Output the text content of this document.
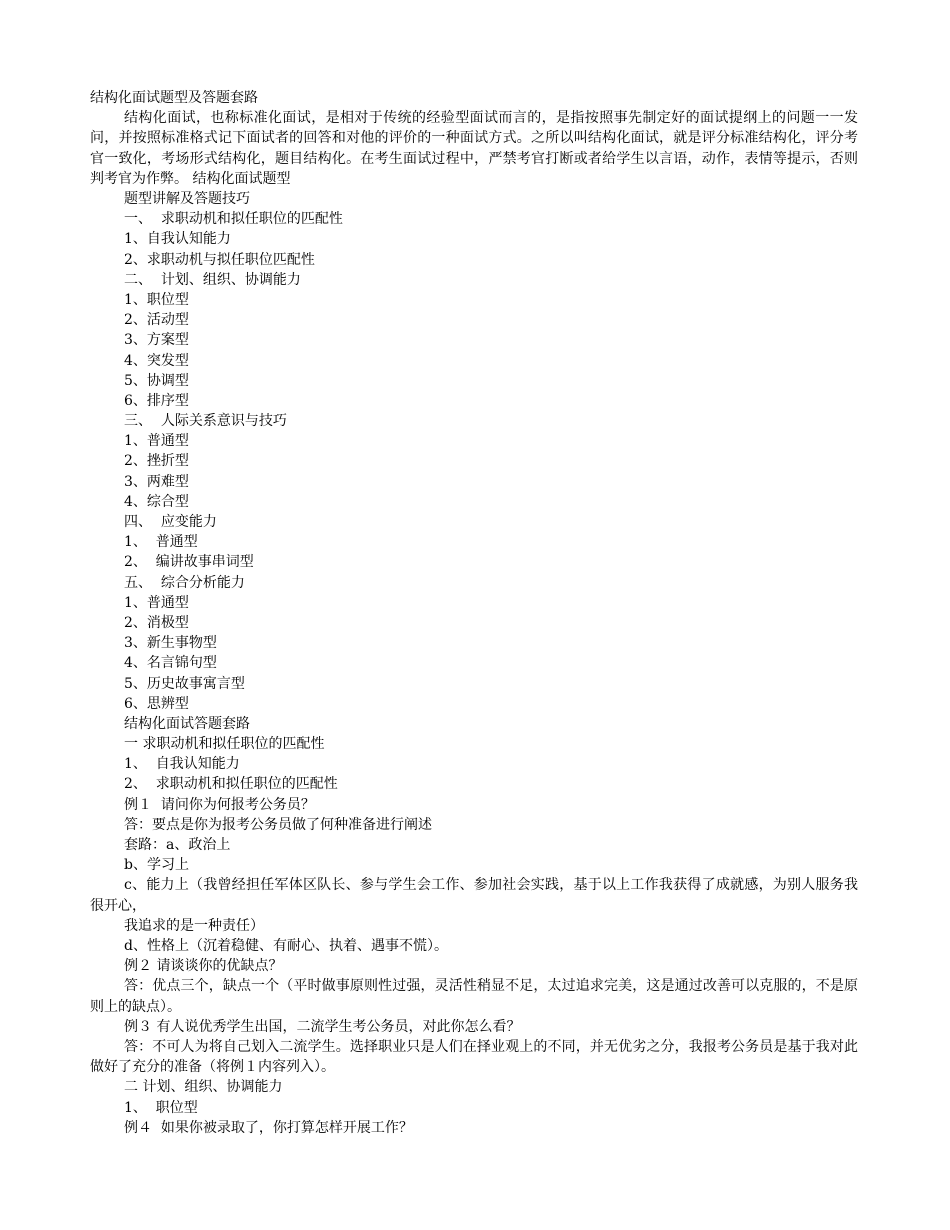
结构化面试题型及答题套路
结构化面试，也称标准化面试，是相对于传统的经验型面试而言的，是指按照事先制定好的面试提纲上的问题一一发问，并按照标准格式记下面试者的回答和对他的评价的一种面试方式。之所以叫结构化面试，就是评分标准结构化，评分考官一致化，考场形式结构化，题目结构化。在考生面试过程中，严禁考官打断或者给学生以言语，动作，表情等提示，否则判考官为作弊。 结构化面试题型
题型讲解及答题技巧
一、  求职动机和拟任职位的匹配性
1、自我认知能力
2、求职动机与拟任职位匹配性
二、  计划、组织、协调能力
1、职位型
2、活动型
3、方案型
4、突发型
5、协调型
6、排序型
三、  人际关系意识与技巧
1、普通型
2、挫折型
3、两难型
4、综合型
四、  应变能力
1、  普通型
2、  编讲故事串词型
五、  综合分析能力
1、普通型
2、消极型
3、新生事物型
4、名言锦句型
5、历史故事寓言型
6、思辨型
结构化面试答题套路
一 求职动机和拟任职位的匹配性
1、  自我认知能力
2、  求职动机和拟任职位的匹配性
例１  请问你为何报考公务员？
答：要点是你为报考公务员做了何种准备进行阐述
套路：a、政治上
b、学习上
c、能力上（我曾经担任军体区队长、参与学生会工作、参加社会实践，基于以上工作我获得了成就感，为别人服务我很开心，
我追求的是一种责任）
d、性格上（沉着稳健、有耐心、执着、遇事不慌）。
例２ 请谈谈你的优缺点？
答：优点三个，缺点一个（平时做事原则性过强，灵活性稍显不足，太过追求完美，这是通过改善可以克服的，不是原则上的缺点）。
例３ 有人说优秀学生出国，二流学生考公务员，对此你怎么看？
答：不可人为将自己划入二流学生。选择职业只是人们在择业观上的不同，并无优劣之分，我报考公务员是基于我对此做好了充分的准备（将例１内容列入）。
二 计划、组织、协调能力
1、  职位型
例４  如果你被录取了，你打算怎样开展工作？
